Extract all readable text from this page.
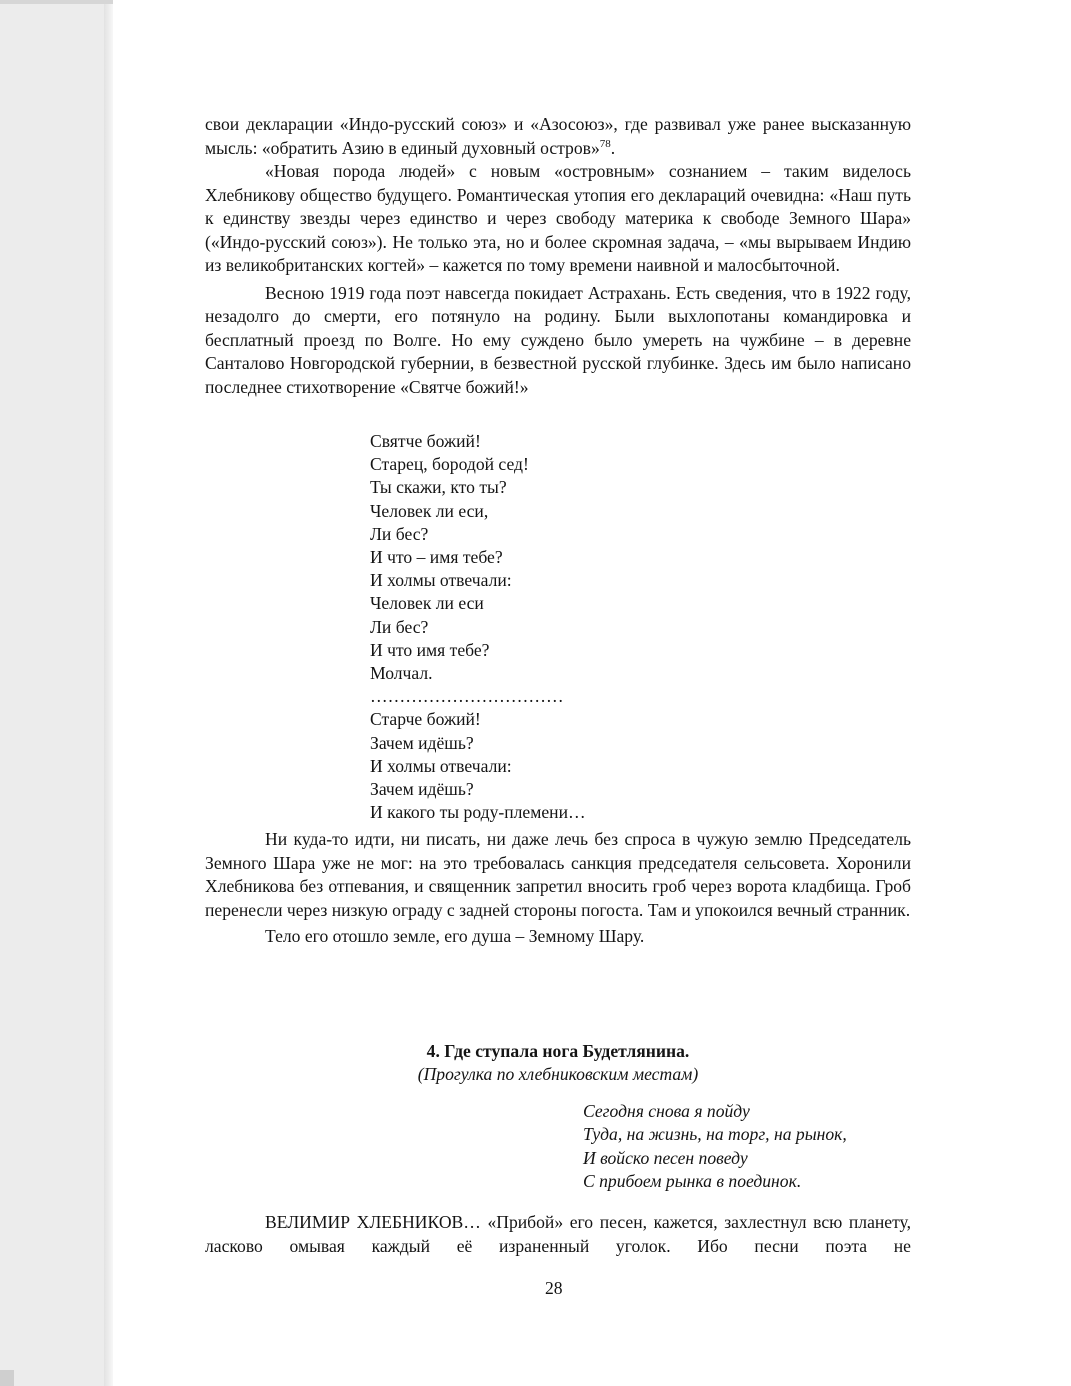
свои декларации «Индо-русский союз» и «Азосоюз», где развивал уже ранее высказанную мысль: «обратить Азию в единый духовный остров»$^{78}$.

«Новая порода людей» с новым «островным» сознанием – таким виделось Хлебникову общество будущего. Романтическая утопия его деклараций очевидна: «Наш путь к единству звезды через единство и через свободу материка к свободе Земного Шара» («Индо-русский союз»). Не только эта, но и более скромная задача, – «мы вырываем Индию из великобританских когтей» – кажется по тому времени наивной и малосбыточной.

Весною 1919 года поэт навсегда покидает Астрахань. Есть сведения, что в 1922 году, незадолго до смерти, его потянуло на родину. Были выхлопотаны командировка и бесплатный проезд по Волге. Но ему суждено было умереть на чужбине – в деревне Санталово Новгородской губернии, в безвестной русской глубинке. Здесь им было написано последнее стихотворение «Святче божий!»

Святче божий!
Старец, бородой сед!
Ты скажи, кто ты?
Человек ли еси,
Ли бес?
И что – имя тебе?
И холмы отвечали:
Человек ли еси
Ли бес?
И что имя тебе?
Молчал.
……………………………
Старче божий!
Зачем идёшь?
И холмы отвечали:
Зачем идёшь?
И какого ты роду-племени…

Ни куда-то идти, ни писать, ни даже лечь без спроса в чужую землю Председатель Земного Шара уже не мог: на это требовалась санкция председателя сельсовета. Хоронили Хлебникова без отпевания, и священник запретил вносить гроб через ворота кладбища. Гроб перенесли через низкую ограду с задней стороны погоста. Там и упокоился вечный странник.

Тело его отошло земле, его душа – Земному Шару.

4. Где ступала нога Будетлянина.
(Прогулка по хлебниковским местам)
Сегодня снова я пойду
Туда, на жизнь, на торг, на рынок,
И войско песен поведу
С прибоем рынка в поединок.

ВЕЛИМИР ХЛЕБНИКОВ… «Прибой» его песен, кажется, захлестнул всю планету, ласково омывая каждый её израненный уголок. Ибо песни поэта не

28
